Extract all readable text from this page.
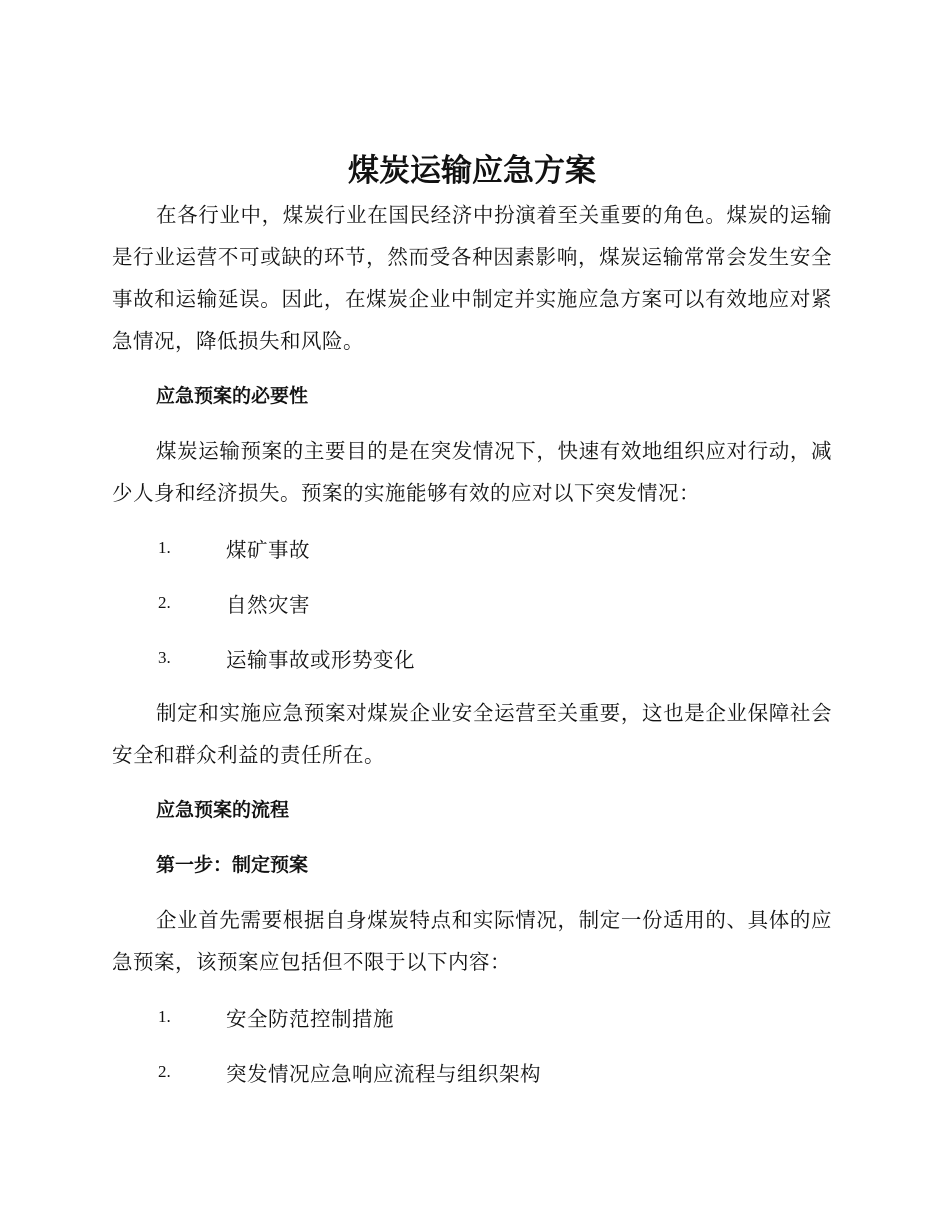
煤炭运输应急方案

在各行业中，煤炭行业在国民经济中扮演着至关重要的角色。煤炭的运输是行业运营不可或缺的环节，然而受各种因素影响，煤炭运输常常会发生安全事故和运输延误。因此，在煤炭企业中制定并实施应急方案可以有效地应对紧急情况，降低损失和风险。

应急预案的必要性

煤炭运输预案的主要目的是在突发情况下，快速有效地组织应对行动，减少人身和经济损失。预案的实施能够有效的应对以下突发情况：

1.	煤矿事故
2.	自然灾害
3.	运输事故或形势变化

制定和实施应急预案对煤炭企业安全运营至关重要，这也是企业保障社会安全和群众利益的责任所在。

应急预案的流程
第一步：制定预案

企业首先需要根据自身煤炭特点和实际情况，制定一份适用的、具体的应急预案，该预案应包括但不限于以下内容：

1.	安全防范控制措施
2.	突发情况应急响应流程与组织架构
